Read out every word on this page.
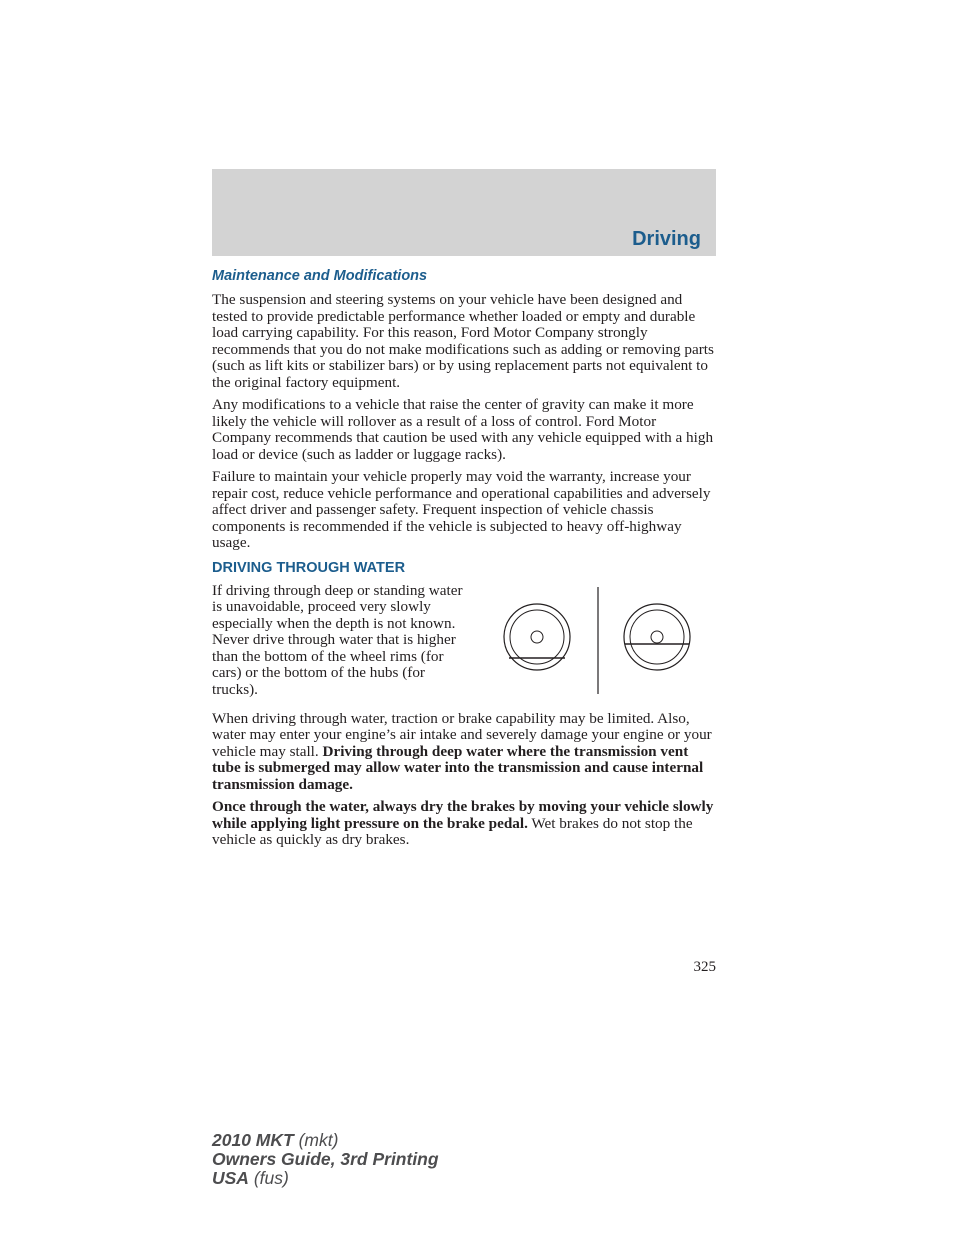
Driving
Maintenance and Modifications

The suspension and steering systems on your vehicle have been designed and tested to provide predictable performance whether loaded or empty and durable load carrying capability. For this reason, Ford Motor Company strongly recommends that you do not make modifications such as adding or removing parts (such as lift kits or stabilizer bars) or by using replacement parts not equivalent to the original factory equipment.

Any modifications to a vehicle that raise the center of gravity can make it more likely the vehicle will rollover as a result of a loss of control. Ford Motor Company recommends that caution be used with any vehicle equipped with a high load or device (such as ladder or luggage racks).

Failure to maintain your vehicle properly may void the warranty, increase your repair cost, reduce vehicle performance and operational capabilities and adversely affect driver and passenger safety. Frequent inspection of vehicle chassis components is recommended if the vehicle is subjected to heavy off-highway usage.

DRIVING THROUGH WATER

If driving through deep or standing water is unavoidable, proceed very slowly especially when the depth is not known. Never drive through water that is higher than the bottom of the wheel rims (for cars) or the bottom of the hubs (for trucks).

When driving through water, traction or brake capability may be limited. Also, water may enter your engine’s air intake and severely damage your engine or your vehicle may stall. Driving through deep water where the transmission vent tube is submerged may allow water into the transmission and cause internal transmission damage.

Once through the water, always dry the brakes by moving your vehicle slowly while applying light pressure on the brake pedal. Wet brakes do not stop the vehicle as quickly as dry brakes.

325
2010 MKT (mkt)
Owners Guide, 3rd Printing
USA (fus)
